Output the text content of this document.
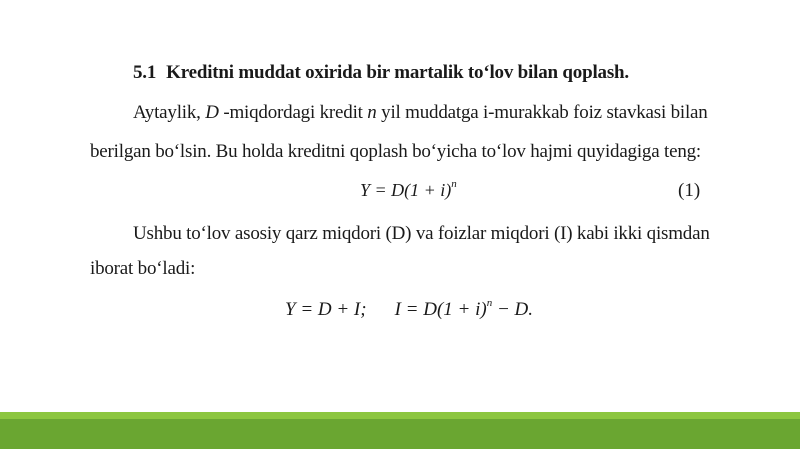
5.1 Kreditni muddat oxirida bir martalik to‘lov bilan qoplash.
Aytaylik, D -miqdordagi kredit n yil muddatga i-murakkab foiz stavkasi bilan
berilgan bo‘lsin. Bu holda kreditni qoplash bo‘yicha to‘lov hajmi quyidagiga teng:
$Y = D(1 + i)^n$	(1)
Ushbu to‘lov asosiy qarz miqdori (D) va foizlar miqdori (I) kabi ikki qismdan
iborat bo‘ladi:
Y = D + I; $I = D(1 + i)^n - D$.
